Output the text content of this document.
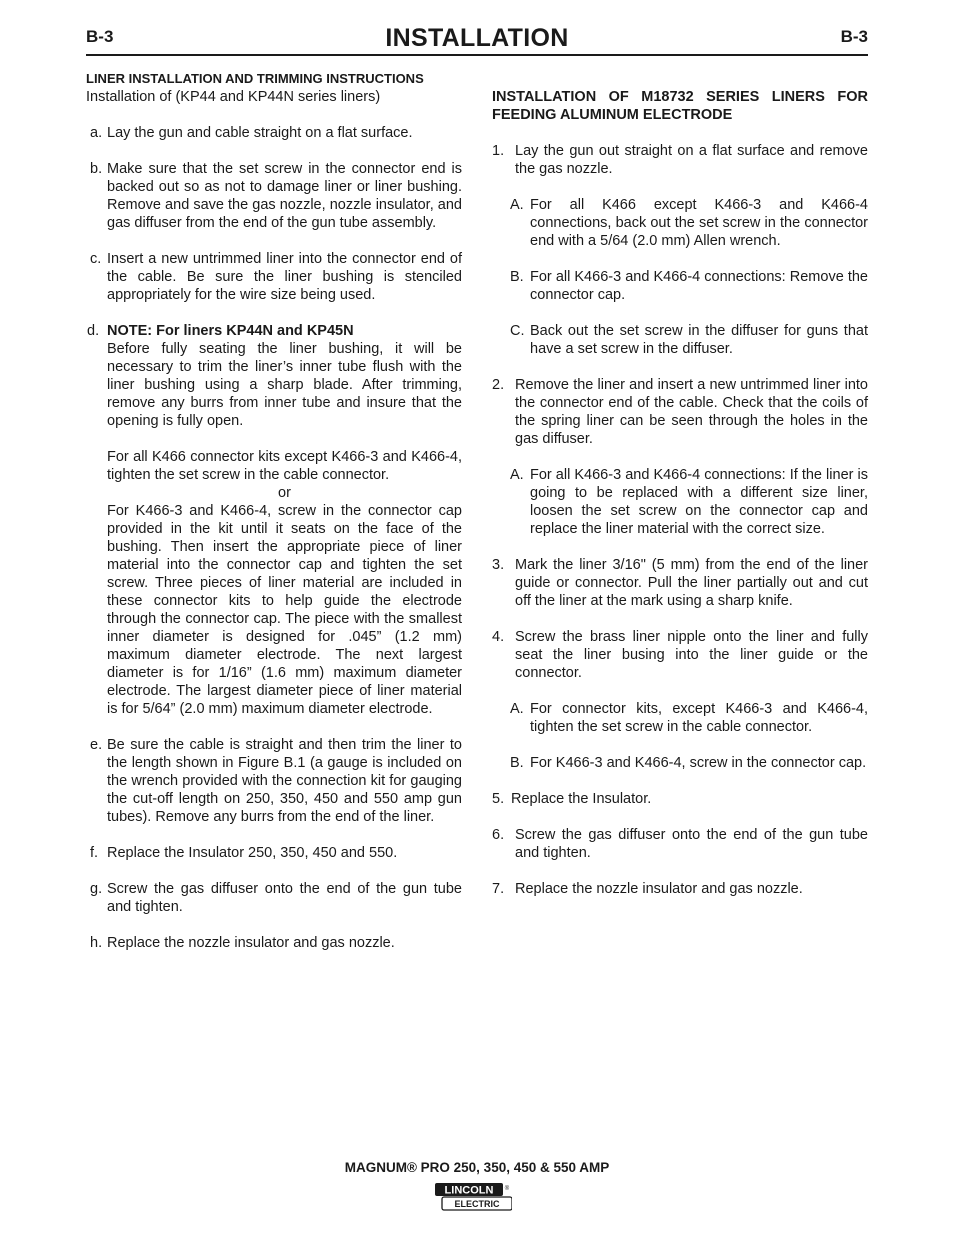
B-3	INSTALLATION	B-3

LINER INSTALLATION AND TRIMMING INSTRUCTIONS

Installation of (KP44 and KP44N series liners)

a. Lay the gun and cable straight on a flat surface.
b. Make sure that the set screw in the connector end is backed out so as not to damage liner or liner bushing. Remove and save the gas nozzle, nozzle insulator, and gas diffuser from the end of the gun tube assembly.
c. Insert a new untrimmed liner into the connector end of the cable. Be sure the liner bushing is stenciled appropriately for the wire size being used.
d. NOTE: For liners KP44N and KP45N
Before fully seating the liner bushing, it will be necessary to trim the liner’s inner tube flush with the liner bushing using a sharp blade. After trimming, remove any burrs from inner tube and insure that the opening is fully open.
For all K466 connector kits except K466-3 and K466-4, tighten the set screw in the cable connector.
or
For K466-3 and K466-4, screw in the connector cap provided in the kit until it seats on the face of the bushing. Then insert the appropriate piece of liner material into the connector cap and tighten the set screw. Three pieces of liner material are included in these connector kits to help guide the electrode through the connector cap. The piece with the smallest inner diameter is designed for .045” (1.2 mm) maximum diameter electrode. The next largest diameter is for 1/16” (1.6 mm) maximum diameter electrode. The largest diameter piece of liner material is for 5/64” (2.0 mm) maximum diameter electrode.
e. Be sure the cable is straight and then trim the liner to the length shown in Figure B.1 (a gauge is included on the wrench provided with the connection kit for gauging the cut-off length on 250, 350, 450 and 550 amp gun tubes). Remove any burrs from the end of the liner.
f. Replace the Insulator 250, 350, 450 and 550.
g. Screw the gas diffuser onto the end of the gun tube and tighten.
h. Replace the nozzle insulator and gas nozzle.

INSTALLATION OF M18732 SERIES LINERS FOR FEEDING ALUMINUM ELECTRODE

1. Lay the gun out straight on a flat surface and remove the gas nozzle.
A. For all K466 except K466-3 and K466-4 connections, back out the set screw in the connector end with a 5/64 (2.0 mm) Allen wrench.
B. For all K466-3 and K466-4 connections: Remove the connector cap.
C. Back out the set screw in the diffuser for guns that have a set screw in the diffuser.
2. Remove the liner and insert a new untrimmed liner into the connector end of the cable. Check that the coils of the spring liner can be seen through the holes in the gas diffuser.
A. For all K466-3 and K466-4 connections: If the liner is going to be replaced with a different size liner, loosen the set screw on the connector cap and replace the liner material with the correct size.
3. Mark the liner 3/16" (5 mm) from the end of the liner guide or connector. Pull the liner partially out and cut off the liner at the mark using a sharp knife.
4. Screw the brass liner nipple onto the liner and fully seat the liner busing into the liner guide or the connector.
A. For connector kits, except K466-3 and K466-4, tighten the set screw in the cable connector.
B. For K466-3 and K466-4, screw in the connector cap.
5. Replace the Insulator.
6. Screw the gas diffuser onto the end of the gun tube and tighten.
7. Replace the nozzle insulator and gas nozzle.
MAGNUM® PRO 250, 350, 450 & 550 AMP
LINCOLN ®
ELECTRIC
